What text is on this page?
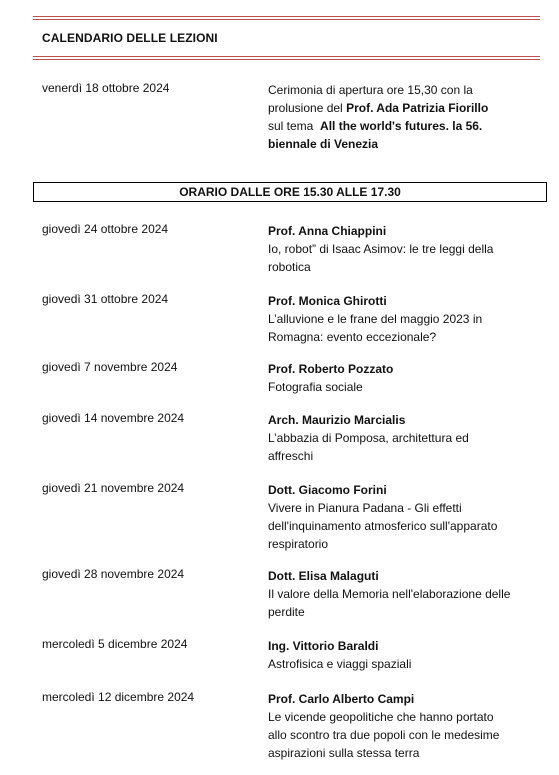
CALENDARIO DELLE LEZIONI
venerdì 18 ottobre 2024	Cerimonia di apertura ore 15,30 con la
prolusione del Prof. Ada Patrizia Fiorillo
sul tema  All the world's futures. la 56.
biennale di Venezia
ORARIO DALLE ORE 15.30 ALLE 17.30
giovedì 24 ottobre 2024	Prof. Anna Chiappini
Io, robot” di Isaac Asimov: le tre leggi della
robotica
giovedì 31 ottobre 2024	Prof. Monica Ghirotti
L’alluvione e le frane del maggio 2023 in
Romagna: evento eccezionale?
giovedì 7 novembre 2024	Prof. Roberto Pozzato
Fotografia sociale
giovedì 14 novembre 2024	Arch. Maurizio Marcialis
L’abbazia di Pomposa, architettura ed
affreschi
giovedì 21 novembre 2024	Dott. Giacomo Forini
Vivere in Pianura Padana - Gli effetti
dell'inquinamento atmosferico sull'apparato
respiratorio
giovedì 28 novembre 2024	Dott. Elisa Malaguti
Il valore della Memoria nell'elaborazione delle
perdite
mercoledì 5 dicembre 2024	Ing. Vittorio Baraldi
Astrofisica e viaggi spaziali
mercoledì 12 dicembre 2024	Prof. Carlo Alberto Campi
Le vicende geopolitiche che hanno portato
allo scontro tra due popoli con le medesime
aspirazioni sulla stessa terra
